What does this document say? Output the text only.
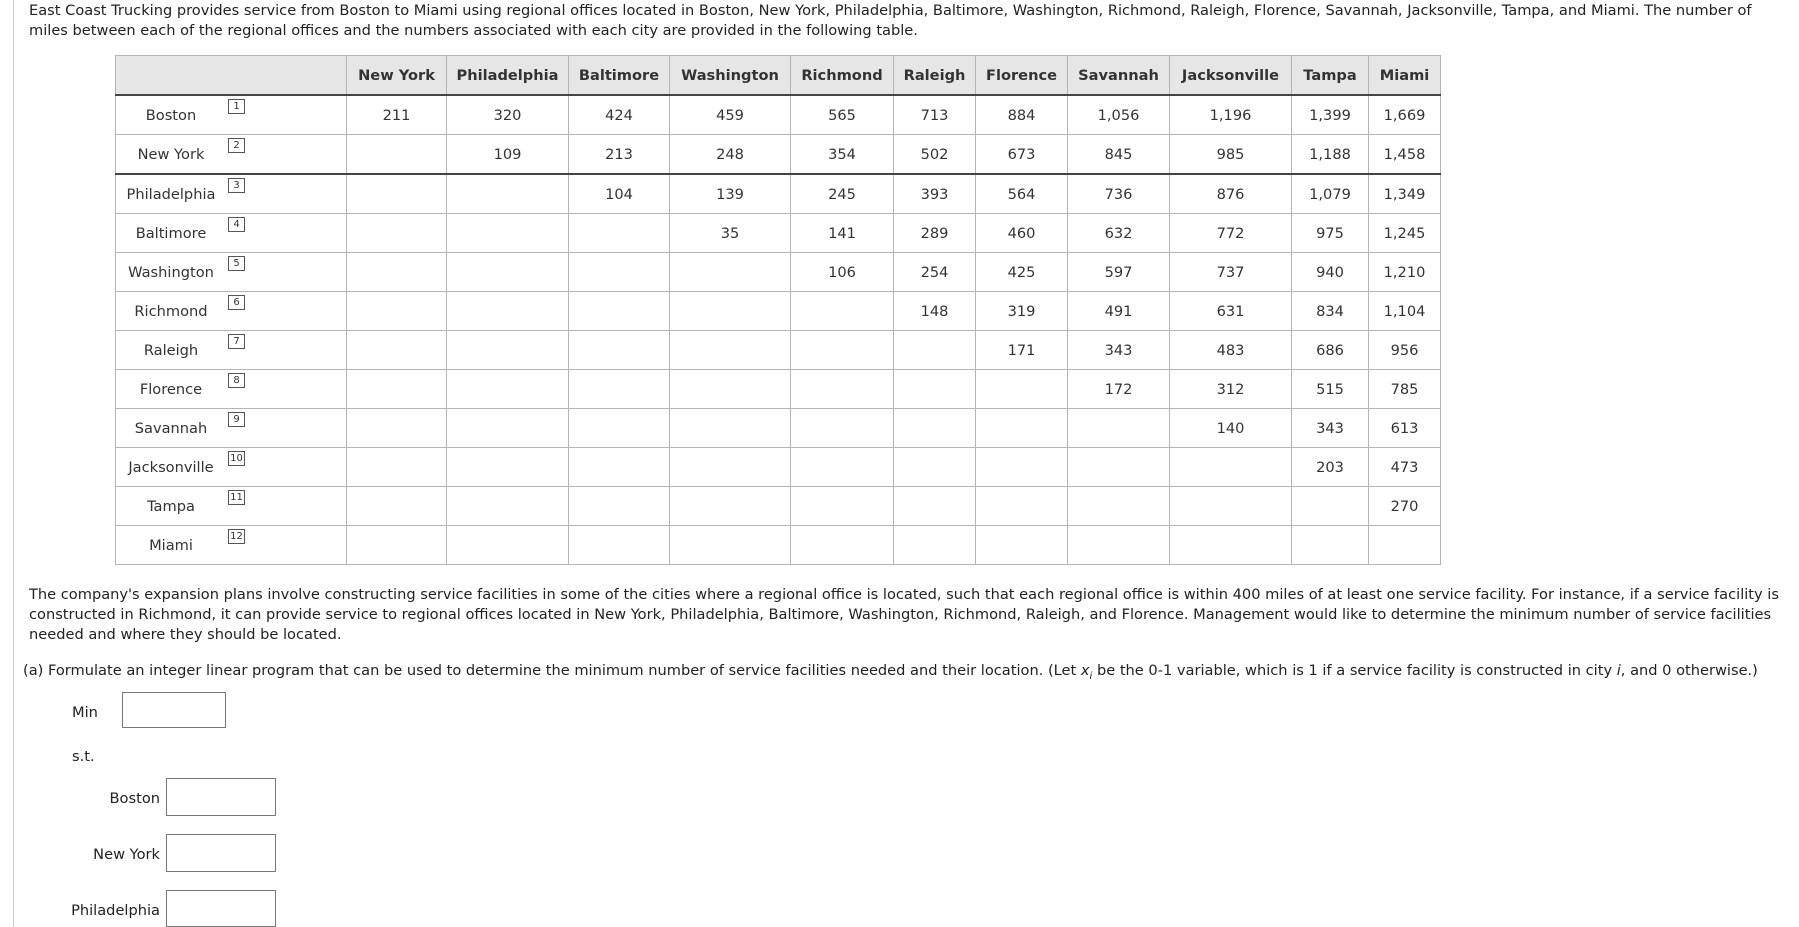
East Coast Trucking provides service from Boston to Miami using regional offices located in Boston, New York, Philadelphia, Baltimore, Washington, Richmond, Raleigh, Florence, Savannah, Jacksonville, Tampa, and Miami. The number of miles between each of the regional offices and the numbers associated with each city are provided in the following table.

	New York	Philadelphia	Baltimore	Washington	Richmond	Raleigh	Florence	Savannah	Jacksonville	Tampa	Miami

Boston
1	211	320	424	459	565	713	884	1,056	1,196	1,399	1,669

New York
2		109	213	248	354	502	673	845	985	1,188	1,458

Philadelphia
3			104	139	245	393	564	736	876	1,079	1,349

Baltimore
4				35	141	289	460	632	772	975	1,245

Washington
5					106	254	425	597	737	940	1,210

Richmond
6						148	319	491	631	834	1,104

Raleigh
7							171	343	483	686	956

Florence
8								172	312	515	785

Savannah
9									140	343	613

Jacksonville
10										203	473

Tampa
11											270

Miami
12											

The company's expansion plans involve constructing service facilities in some of the cities where a regional office is located, such that each regional office is within 400 miles of at least one service facility. For instance, if a service facility is constructed in Richmond, it can provide service to regional offices located in New York, Philadelphia, Baltimore, Washington, Richmond, Raleigh, and Florence. Management would like to determine the minimum number of service facilities needed and where they should be located.

(a) Formulate an integer linear program that can be used to determine the minimum number of service facilities needed and their location. (Let $x_i$ be the 0-1 variable, which is 1 if a service facility is constructed in city i, and 0 otherwise.)

Min
s.t.
Boston
New York
Philadelphia
